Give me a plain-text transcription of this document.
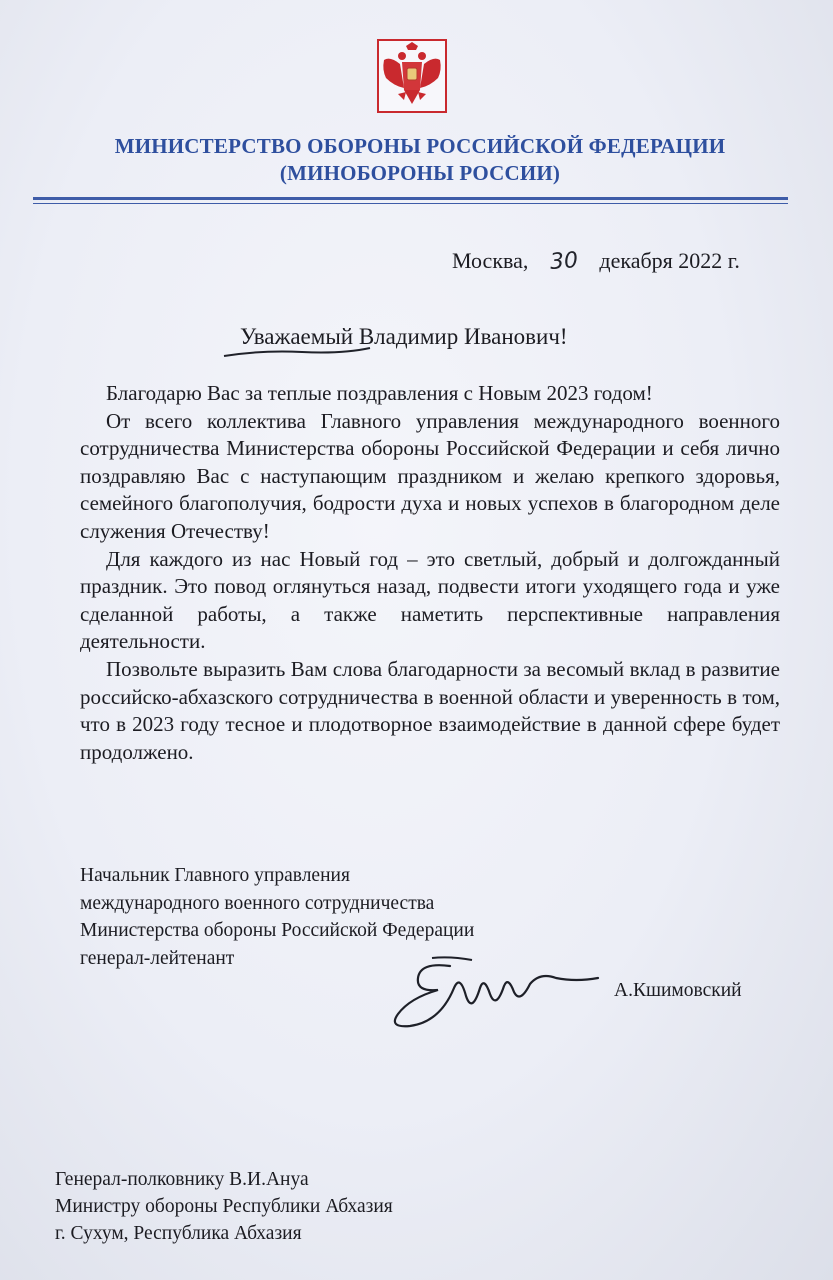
МИНИСТЕРСТВО ОБОРОНЫ РОССИЙСКОЙ ФЕДЕРАЦИИ
(МИНОБОРОНЫ РОССИИ)
Москва, 30 декабря 2022 г.
Уважаемый Владимир Иванович!

Благодарю Вас за теплые поздравления с Новым 2023 годом!

От всего коллектива Главного управления международного военного сотрудничества Министерства обороны Российской Федерации и себя лично поздравляю Вас с наступающим праздником и желаю крепкого здоровья, семейного благополучия, бодрости духа и новых успехов в благородном деле служения Отечеству!

Для каждого из нас Новый год – это светлый, добрый и долгожданный праздник. Это повод оглянуться назад, подвести итоги уходящего года и уже сделанной работы, а также наметить перспективные направления деятельности.

Позвольте выразить Вам слова благодарности за весомый вклад в развитие российско-абхазского сотрудничества в военной области и уверенность в том, что в 2023 году тесное и плодотворное взаимодействие в данной сфере будет продолжено.

Начальник Главного управления
международного военного сотрудничества
Министерства обороны Российской Федерации
генерал-лейтенант
А.Кшимовский
Генерал-полковнику В.И.Ануа
Министру обороны Республики Абхазия
г. Сухум, Республика Абхазия
